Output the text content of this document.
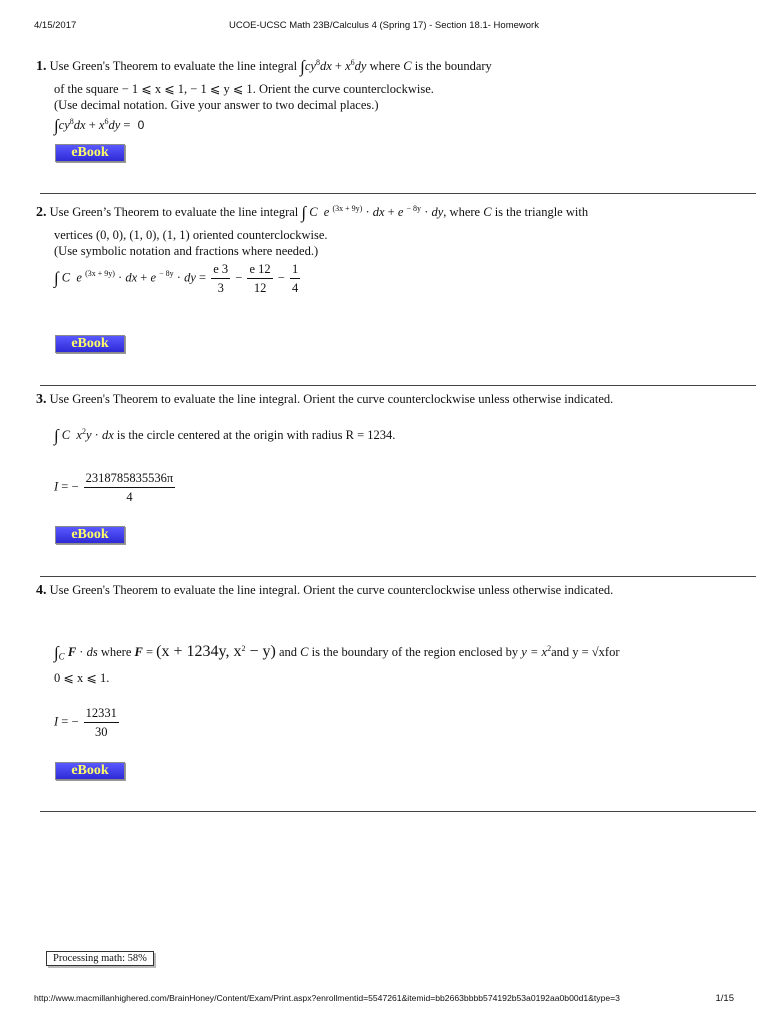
4/15/2017	UCOE-UCSC Math 23B/Calculus 4 (Spring 17) - Section 18.1- Homework
1. Use Green's Theorem to evaluate the line integral $\int cy^8dx + x^6dy$ where C is the boundary
of the square − 1 ⩽ x ⩽ 1, − 1 ⩽ y ⩽ 1. Orient the curve counterclockwise.
(Use decimal notation. Give your answer to two decimal places.)
$\int cy^8dx + x^6dy = 0$
eBook
2. Use Green’s Theorem to evaluate the line integral ∫ C e $^{(3x + 9y)}$ · dx + e $^{- 8y}$ · dy, where C is the triangle with
vertices (0, 0), (1, 0), (1, 1) oriented counterclockwise.
(Use symbolic notation and fractions where needed.)
∫ C e $^{(3x + 9y)}$ · dx + e $^{- 8y}$ · dy = $\frac{e 3}{3} - \frac{e 12}{12} - \frac{1}{4}$
eBook
3. Use Green's Theorem to evaluate the line integral. Orient the curve counterclockwise unless otherwise indicated.
∫ C $x^2y$ · dx is the circle centered at the origin with radius R = 1234.
I = − $\frac{2318785835536\pi}{4}$
eBook
4. Use Green's Theorem to evaluate the line integral. Orient the curve counterclockwise unless otherwise indicated.
$\int_C$ F · ds where F = (x + 1234y, $x^2 - y$) and C is the boundary of the region enclosed by $y = x^2and$ y = √xfor
0 ⩽ x ⩽ 1.
I = − $\frac{12331}{30}$
eBook
Processing math: 58%
http://www.macmillanhighered.com/BrainHoney/Content/Exam/Print.aspx?enrollmentid=5547261&itemid=bb2663bbbb574192b53a0192aa0b00d1&type=3	1/15
